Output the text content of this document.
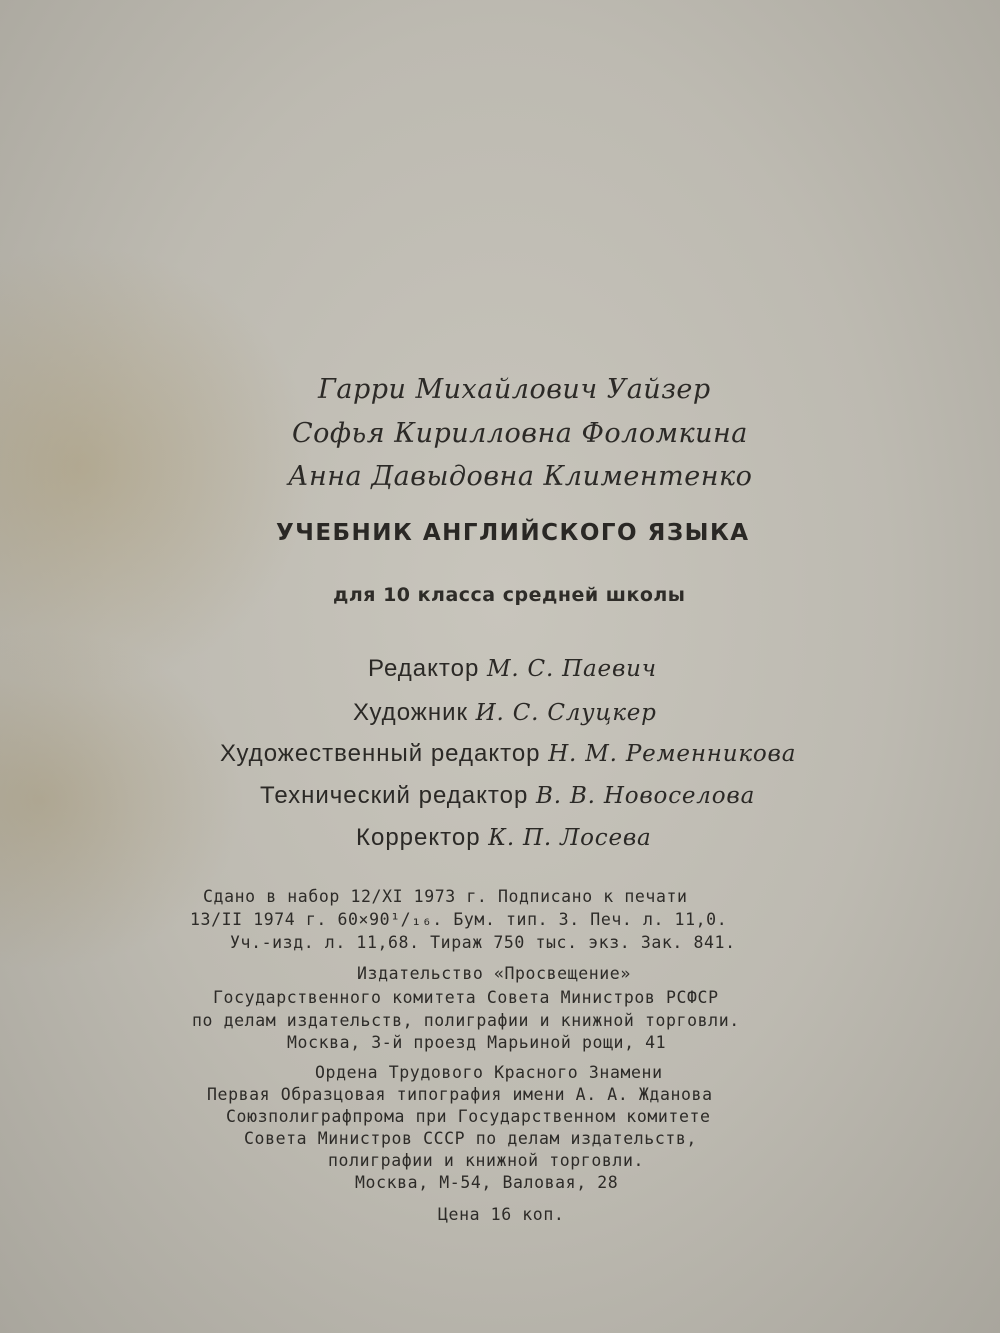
Гарри Михайлович Уайзер
Софья Кирилловна Фоломкина
Анна Давыдовна Климентенко
УЧЕБНИК АНГЛИЙСКОГО ЯЗЫКА
для 10 класса средней школы
Редактор М. С. Паевич
Художник И. С. Слуцкер
Художественный редактор Н. М. Ременникова
Технический редактор В. В. Новоселова
Корректор К. П. Лосева
Сдано в набор 12/XI 1973 г. Подписано к печати
13/II 1974 г. 60×90¹/₁₆. Бум. тип. 3. Печ. л. 11,0.
Уч.-изд. л. 11,68. Тираж 750 тыс. экз. Зак. 841.
Издательство «Просвещение»
Государственного комитета Совета Министров РСФСР
по делам издательств, полиграфии и книжной торговли.
Москва, 3-й проезд Марьиной рощи, 41
Ордена Трудового Красного Знамени
Первая Образцовая типография имени А. А. Жданова
Союзполиграфпрома при Государственном комитете
Совета Министров СССР по делам издательств,
полиграфии и книжной торговли.
Москва, М-54, Валовая, 28
Цена 16 коп.
